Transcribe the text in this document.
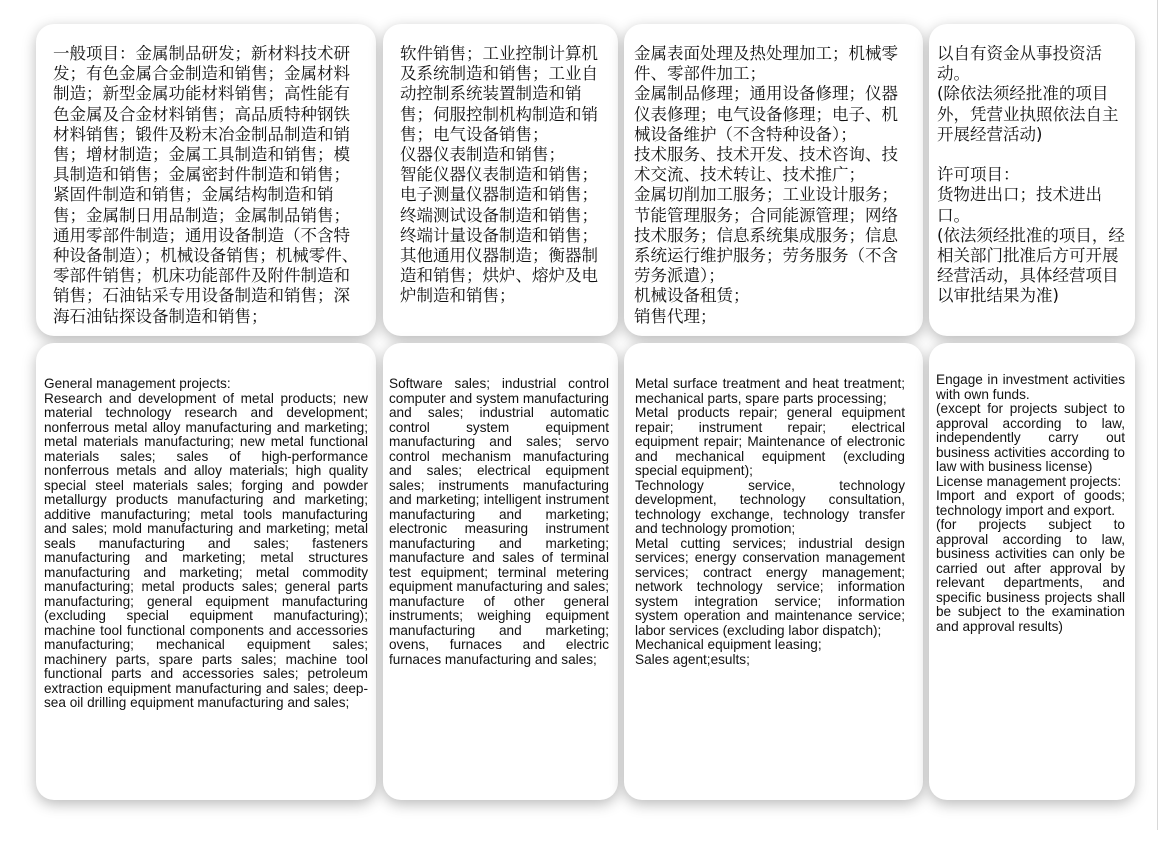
一般项目：金属制品研发；新材料技术研发；有色金属合金制造和销售；金属材料制造；新型金属功能材料销售；高性能有色金属及合金材料销售；高品质特种钢铁材料销售；锻件及粉末冶金制品制造和销售；增材制造；金属工具制造和销售；模具制造和销售；金属密封件制造和销售；紧固件制造和销售；金属结构制造和销售；金属制日用品制造；金属制品销售；通用零部件制造；通用设备制造（不含特种设备制造）；机械设备销售；机械零件、零部件销售；机床功能部件及附件制造和销售；石油钻采专用设备制造和销售；深海石油钻探设备制造和销售；
软件销售；工业控制计算机及系统制造和销售；工业自动控制系统装置制造和销售；伺服控制机构制造和销售；电气设备销售；
仪器仪表制造和销售；
智能仪器仪表制造和销售；
电子测量仪器制造和销售；
终端测试设备制造和销售；
终端计量设备制造和销售；
其他通用仪器制造；衡器制造和销售；烘炉、熔炉及电炉制造和销售；
金属表面处理及热处理加工；机械零件、零部件加工；
金属制品修理；通用设备修理；仪器仪表修理；电气设备修理；电子、机械设备维护（不含特种设备）；
技术服务、技术开发、技术咨询、技术交流、技术转让、技术推广；
金属切削加工服务；工业设计服务；节能管理服务；合同能源管理；网络技术服务；信息系统集成服务；信息系统运行维护服务；劳务服务（不含劳务派遣）；
机械设备租赁；
销售代理；
以自有资金从事投资活动。
(除依法须经批准的项目外，凭营业执照依法自主开展经营活动)

许可项目：
货物进出口；技术进出口。
(依法须经批准的项目，经相关部门批准后方可开展经营活动，具体经营项目以审批结果为准)
General management projects:
Research and development of metal products; new material technology research and development; nonferrous metal alloy manufacturing and marketing; metal materials manufacturing; new metal functional materials sales; sales of high-performance nonferrous metals and alloy materials; high quality special steel materials sales; forging and powder metallurgy products manufacturing and marketing; additive manufacturing; metal tools manufacturing and sales; mold manufacturing and marketing; metal seals manufacturing and sales; fasteners manufacturing and marketing; metal structures manufacturing and marketing; metal commodity manufacturing; metal products sales; general parts manufacturing; general equipment manufacturing (excluding special equipment manufacturing); machine tool functional components and accessories manufacturing; mechanical equipment sales; machinery parts, spare parts sales; machine tool functional parts and accessories sales; petroleum extraction equipment manufacturing and sales; deep-sea oil drilling equipment manufacturing and sales;
Software sales; industrial control computer and system manufacturing and sales; industrial automatic control system equipment manufacturing and sales; servo control mechanism manufacturing and sales; electrical equipment sales; instruments manufacturing and marketing; intelligent instrument manufacturing and marketing; electronic measuring instrument manufacturing and marketing; manufacture and sales of terminal test equipment; terminal metering equipment manufacturing and sales; manufacture of other general instruments; weighing equipment manufacturing and marketing; ovens, furnaces and electric furnaces manufacturing and sales;
Metal surface treatment and heat treatment; mechanical parts, spare parts processing;
Metal products repair; general equipment repair; instrument repair; electrical equipment repair; Maintenance of electronic and mechanical equipment (excluding special equipment);
Technology service, technology development, technology consultation, technology exchange, technology transfer and technology promotion;
Metal cutting services; industrial design services; energy conservation management services; contract energy management; network technology service; information system integration service; information system operation and maintenance service; labor services (excluding labor dispatch);
Mechanical equipment leasing;
Sales agent;esults;
Engage in investment activities with own funds.
(except for projects subject to approval according to law, independently carry out business activities according to law with business license)
License management projects:
Import and export of goods; technology import and export.
(for projects subject to approval according to law, business activities can only be carried out after approval by relevant departments, and specific business projects shall be subject to the examination and approval results)
